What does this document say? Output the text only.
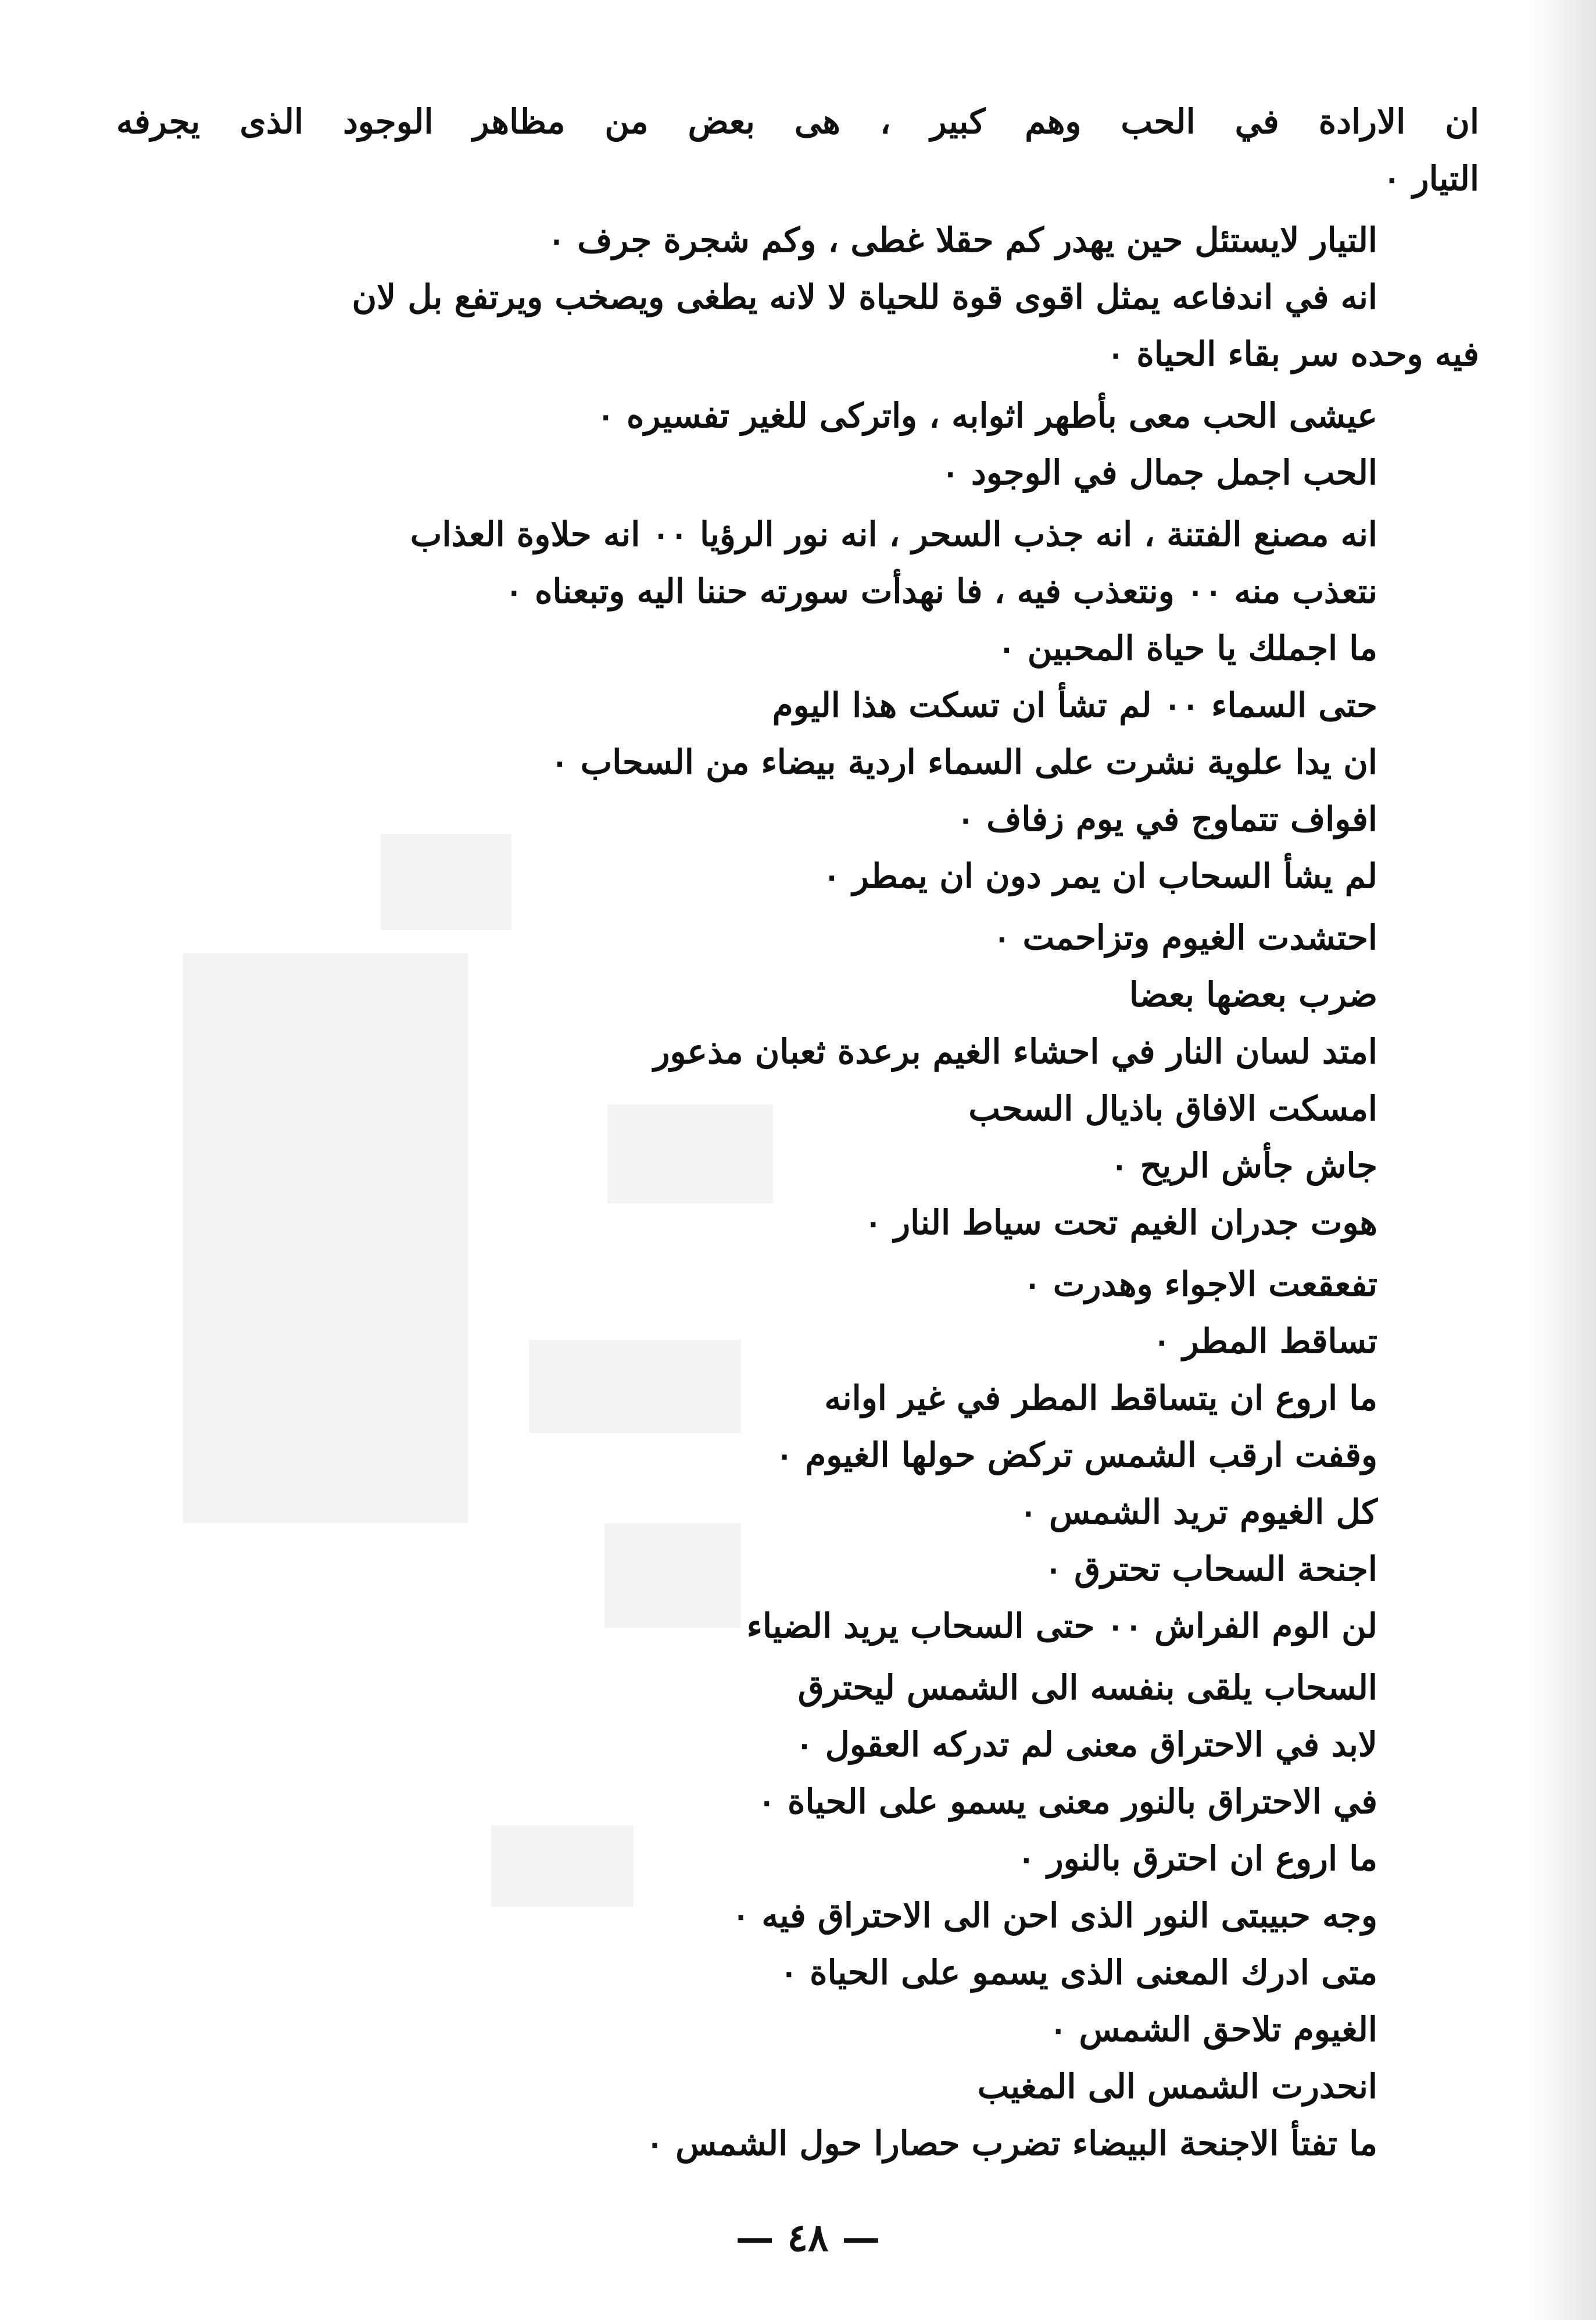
ان الارادة في الحب وهم كبير ، هى بعض من مظاهر الوجود الذى يجرفه
التيار ٠
التيار لايستئل حين يهدر كم حقلا غطى ، وكم شجرة جرف ٠
انه في اندفاعه يمثل اقوى قوة للحياة لا لانه يطغى ويصخب ويرتفع بل لان
فيه وحده سر بقاء الحياة ٠
عيشى الحب معى بأطهر اثوابه ، واتركى للغير تفسيره ٠
الحب اجمل جمال في الوجود ٠
انه مصنع الفتنة ، انه جذب السحر ، انه نور الرؤيا ٠٠ انه حلاوة العذاب
نتعذب منه ٠٠ ونتعذب فيه ، فا نهدأت سورته حننا اليه وتبعناه ٠
ما اجملك يا حياة المحبين ٠
حتى السماء ٠٠ لم تشأ ان تسكت هذا اليوم
ان يدا علوية نشرت على السماء اردية بيضاء من السحاب ٠
افواف تتماوج في يوم زفاف ٠
لم يشأ السحاب ان يمر دون ان يمطر ٠
احتشدت الغيوم وتزاحمت ٠
ضرب بعضها بعضا
امتد لسان النار في احشاء الغيم برعدة ثعبان مذعور
امسكت الافاق باذيال السحب
جاش جأش الريح ٠
هوت جدران الغيم تحت سياط النار ٠
تفعقعت الاجواء وهدرت ٠
تساقط المطر ٠
ما اروع ان يتساقط المطر في غير اوانه
وقفت ارقب الشمس تركض حولها الغيوم ٠
كل الغيوم تريد الشمس ٠
اجنحة السحاب تحترق ٠
لن الوم الفراش ٠٠ حتى السحاب يريد الضياء
السحاب يلقى بنفسه الى الشمس ليحترق
لابد في الاحتراق معنى لم تدركه العقول ٠
في الاحتراق بالنور معنى يسمو على الحياة ٠
ما اروع ان احترق بالنور ٠
وجه حبيبتى النور الذى احن الى الاحتراق فيه ٠
متى ادرك المعنى الذى يسمو على الحياة ٠
الغيوم تلاحق الشمس ٠
انحدرت الشمس الى المغيب
ما تفتأ الاجنحة البيضاء تضرب حصارا حول الشمس ٠
— ٤٨ —
